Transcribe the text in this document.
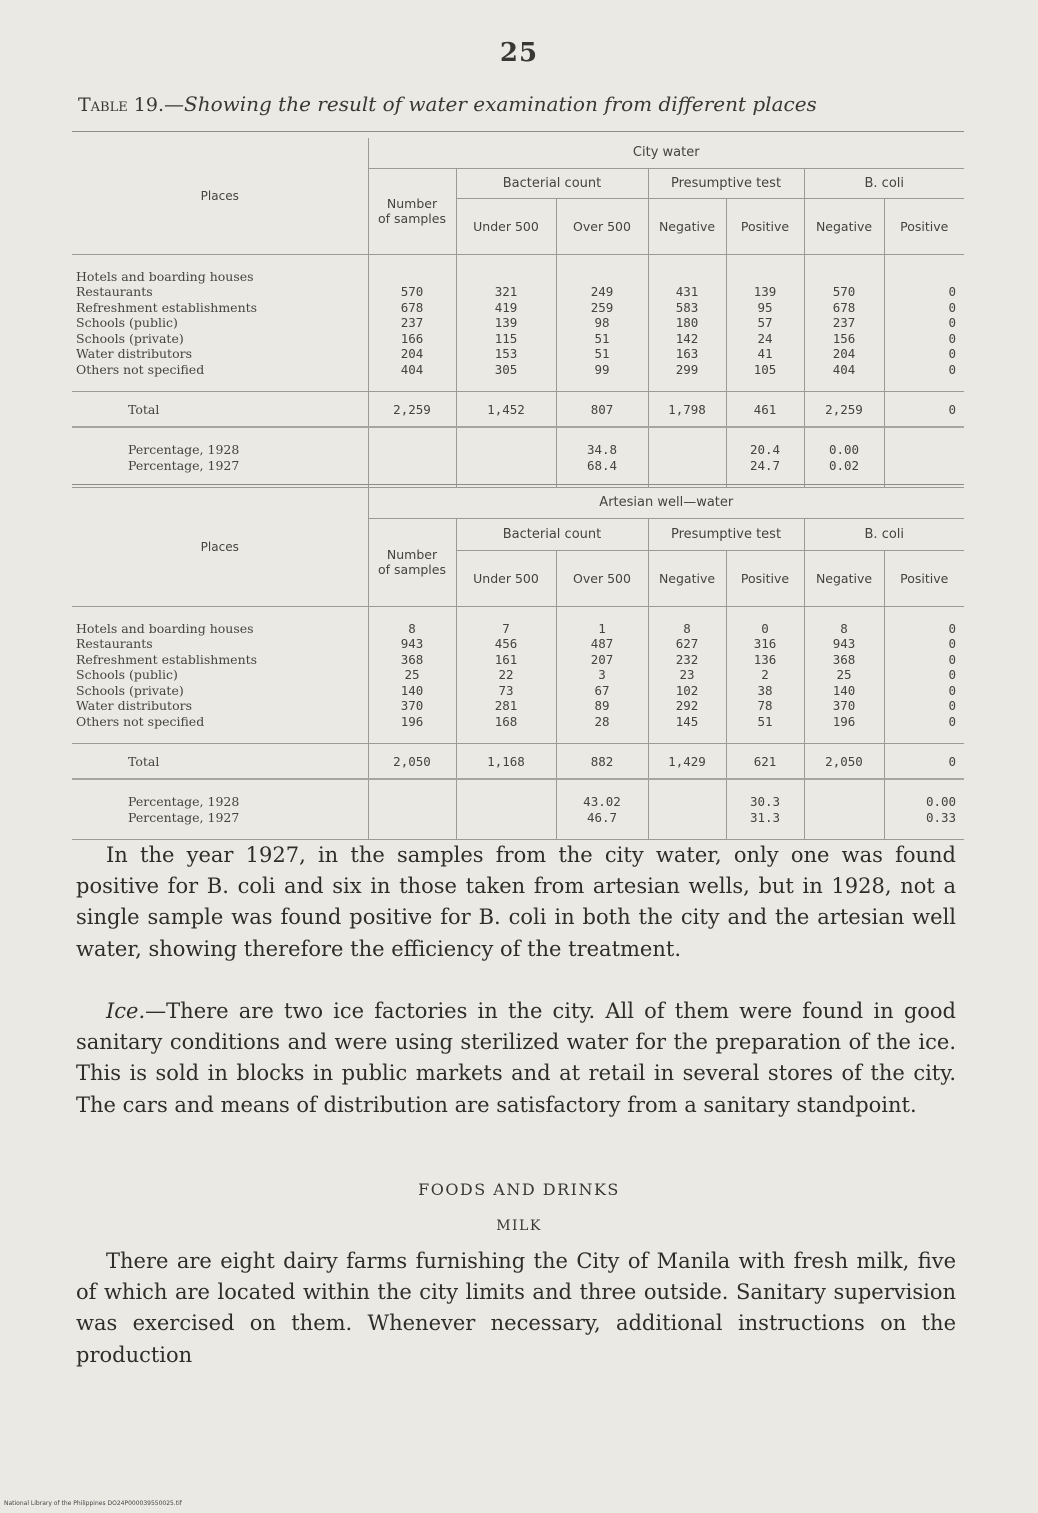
25
Table 19.—Showing the result of water examination from different places
Places	City water						

	Number
of samples	Bacterial count		Presumptive test		B. coli	
		Under 500	Over 500	Negative	Positive	Negative	Positive

Hotels and boarding houses							
Restaurants	570	321	249	431	139	570	0
Refreshment establishments	678	419	259	583	95	678	0
Schools (public)	237	139	98	180	57	237	0
Schools (private)	166	115	51	142	24	156	0
Water distributors	204	153	51	163	41	204	0
Others not specified	404	305	99	299	105	404	0

Total	2,259	1,452	807	1,798	461	2,259	0

Percentage, 1928			34.8		20.4	0.00	
Percentage, 1927			68.4		24.7	0.02	

Places	Artesian well—water						

	Number
of samples	Bacterial count		Presumptive test		B. coli	
		Under 500	Over 500	Negative	Positive	Negative	Positive

Hotels and boarding houses	8	7	1	8	0	8	0
Restaurants	943	456	487	627	316	943	0
Refreshment establishments	368	161	207	232	136	368	0
Schools (public)	25	22	3	23	2	25	0
Schools (private)	140	73	67	102	38	140	0
Water distributors	370	281	89	292	78	370	0
Others not specified	196	168	28	145	51	196	0

Total	2,050	1,168	882	1,429	621	2,050	0

Percentage, 1928			43.02		30.3		0.00
Percentage, 1927			46.7		31.3		0.33

In the year 1927, in the samples from the city water, only one was found positive for B. coli and six in those taken from artesian wells, but in 1928, not a single sample was found positive for B. coli in both the city and the artesian well water, showing therefore the efficiency of the treatment.

Ice.—There are two ice factories in the city. All of them were found in good sanitary conditions and were using sterilized water for the preparation of the ice. This is sold in blocks in public markets and at retail in several stores of the city. The cars and means of distribution are satisfactory from a sanitary standpoint.

FOODS AND DRINKS

MILK

There are eight dairy farms furnishing the City of Manila with fresh milk, five of which are located within the city limits and three outside. Sanitary supervision was exercised on them. Whenever necessary, additional instructions on the production

National Library of the Philippines DO24P000039550025.tif
